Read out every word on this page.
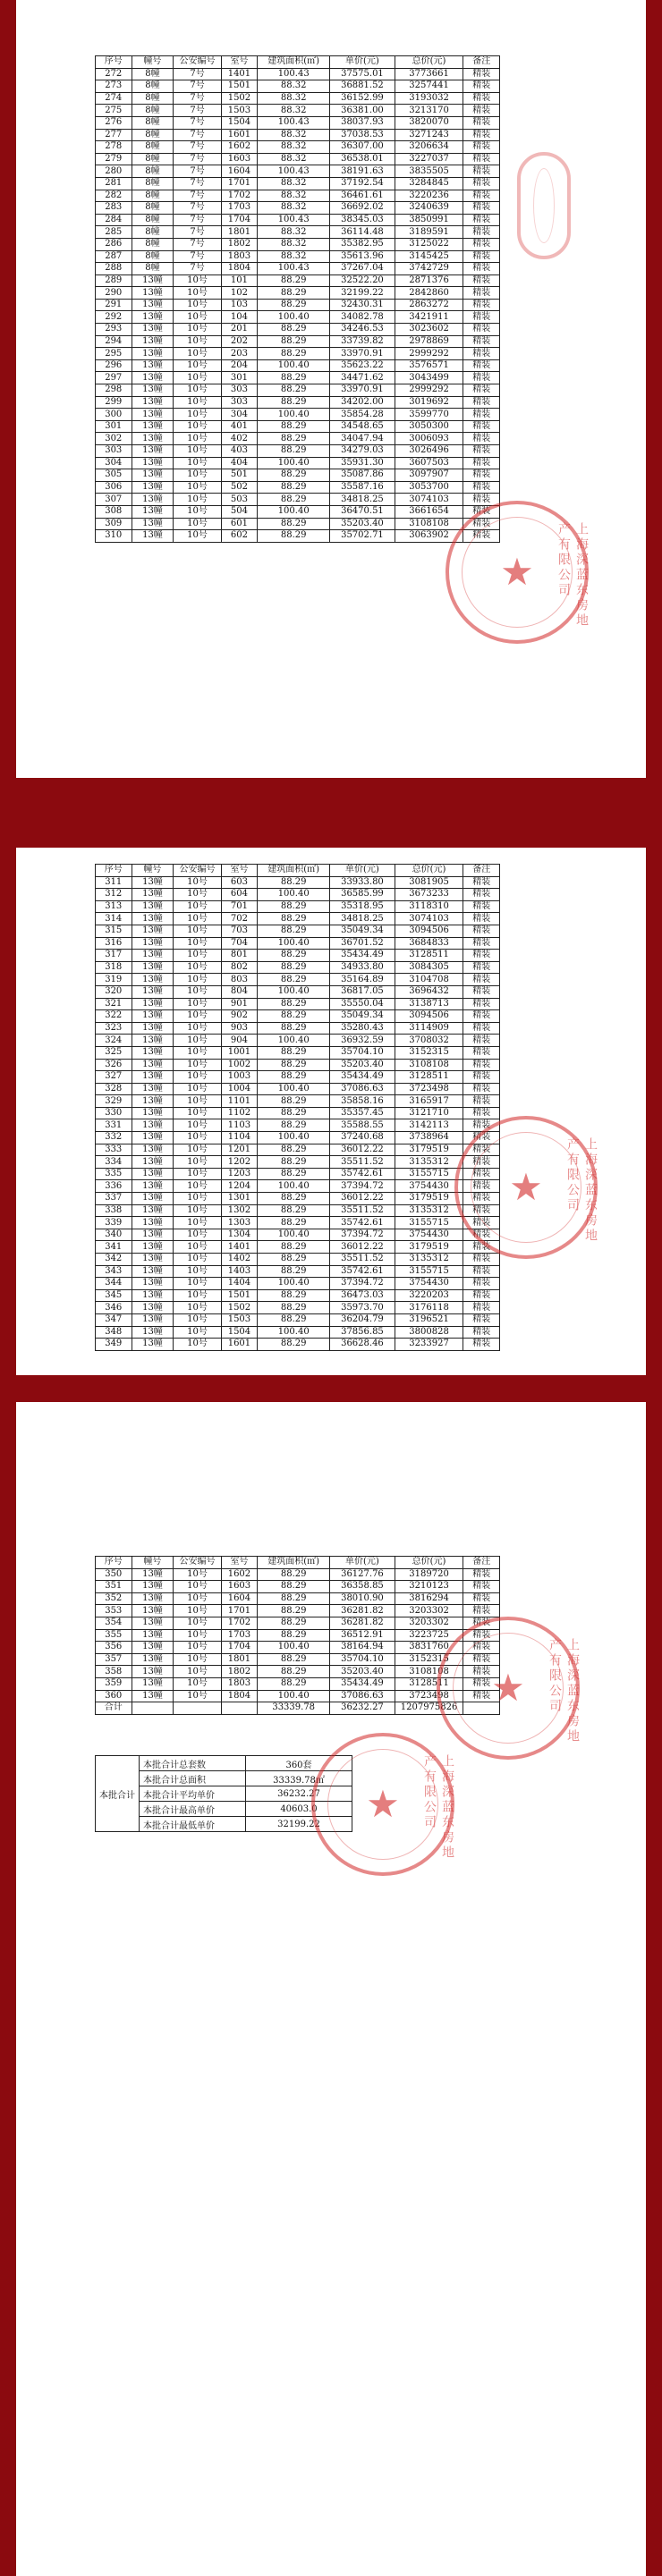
序号	幢号	公安编号	室号	建筑面积(㎡)	单价(元)	总价(元)	备注
272	8幢	7号	1401	100.43	37575.01	3773661	精装
273	8幢	7号	1501	88.32	36881.52	3257441	精装
274	8幢	7号	1502	88.32	36152.99	3193032	精装
275	8幢	7号	1503	88.32	36381.00	3213170	精装
276	8幢	7号	1504	100.43	38037.93	3820070	精装
277	8幢	7号	1601	88.32	37038.53	3271243	精装
278	8幢	7号	1602	88.32	36307.00	3206634	精装
279	8幢	7号	1603	88.32	36538.01	3227037	精装
280	8幢	7号	1604	100.43	38191.63	3835505	精装
281	8幢	7号	1701	88.32	37192.54	3284845	精装
282	8幢	7号	1702	88.32	36461.61	3220236	精装
283	8幢	7号	1703	88.32	36692.02	3240639	精装
284	8幢	7号	1704	100.43	38345.03	3850991	精装
285	8幢	7号	1801	88.32	36114.48	3189591	精装
286	8幢	7号	1802	88.32	35382.95	3125022	精装
287	8幢	7号	1803	88.32	35613.96	3145425	精装
288	8幢	7号	1804	100.43	37267.04	3742729	精装
289	13幢	10号	101	88.29	32522.20	2871376	精装
290	13幢	10号	102	88.29	32199.22	2842860	精装
291	13幢	10号	103	88.29	32430.31	2863272	精装
292	13幢	10号	104	100.40	34082.78	3421911	精装
293	13幢	10号	201	88.29	34246.53	3023602	精装
294	13幢	10号	202	88.29	33739.82	2978869	精装
295	13幢	10号	203	88.29	33970.91	2999292	精装
296	13幢	10号	204	100.40	35623.22	3576571	精装
297	13幢	10号	301	88.29	34471.62	3043499	精装
298	13幢	10号	303	88.29	33970.91	2999292	精装
299	13幢	10号	303	88.29	34202.00	3019692	精装
300	13幢	10号	304	100.40	35854.28	3599770	精装
301	13幢	10号	401	88.29	34548.65	3050300	精装
302	13幢	10号	402	88.29	34047.94	3006093	精装
303	13幢	10号	403	88.29	34279.03	3026496	精装
304	13幢	10号	404	100.40	35931.30	3607503	精装
305	13幢	10号	501	88.29	35087.86	3097907	精装
306	13幢	10号	502	88.29	35587.16	3053700	精装
307	13幢	10号	503	88.29	34818.25	3074103	精装
308	13幢	10号	504	100.40	36470.51	3661654	精装
309	13幢	10号	601	88.29	35203.40	3108108	精装
310	13幢	10号	602	88.29	35702.71	3063902	精装
★	上海深蓝东房地产有限公司
序号	幢号	公安编号	室号	建筑面积(㎡)	单价(元)	总价(元)	备注
311	13幢	10号	603	88.29	33933.80	3081905	精装
312	13幢	10号	604	100.40	36585.99	3673233	精装
313	13幢	10号	701	88.29	35318.95	3118310	精装
314	13幢	10号	702	88.29	34818.25	3074103	精装
315	13幢	10号	703	88.29	35049.34	3094506	精装
316	13幢	10号	704	100.40	36701.52	3684833	精装
317	13幢	10号	801	88.29	35434.49	3128511	精装
318	13幢	10号	802	88.29	34933.80	3084305	精装
319	13幢	10号	803	88.29	35164.89	3104708	精装
320	13幢	10号	804	100.40	36817.05	3696432	精装
321	13幢	10号	901	88.29	35550.04	3138713	精装
322	13幢	10号	902	88.29	35049.34	3094506	精装
323	13幢	10号	903	88.29	35280.43	3114909	精装
324	13幢	10号	904	100.40	36932.59	3708032	精装
325	13幢	10号	1001	88.29	35704.10	3152315	精装
326	13幢	10号	1002	88.29	35203.40	3108108	精装
327	13幢	10号	1003	88.29	35434.49	3128511	精装
328	13幢	10号	1004	100.40	37086.63	3723498	精装
329	13幢	10号	1101	88.29	35858.16	3165917	精装
330	13幢	10号	1102	88.29	35357.45	3121710	精装
331	13幢	10号	1103	88.29	35588.55	3142113	精装
332	13幢	10号	1104	100.40	37240.68	3738964	精装
333	13幢	10号	1201	88.29	36012.22	3179519	精装
334	13幢	10号	1202	88.29	35511.52	3135312	精装
335	13幢	10号	1203	88.29	35742.61	3155715	精装
336	13幢	10号	1204	100.40	37394.72	3754430	精装
337	13幢	10号	1301	88.29	36012.22	3179519	精装
338	13幢	10号	1302	88.29	35511.52	3135312	精装
339	13幢	10号	1303	88.29	35742.61	3155715	精装
340	13幢	10号	1304	100.40	37394.72	3754430	精装
341	13幢	10号	1401	88.29	36012.22	3179519	精装
342	13幢	10号	1402	88.29	35511.52	3135312	精装
343	13幢	10号	1403	88.29	35742.61	3155715	精装
344	13幢	10号	1404	100.40	37394.72	3754430	精装
345	13幢	10号	1501	88.29	36473.03	3220203	精装
346	13幢	10号	1502	88.29	35973.70	3176118	精装
347	13幢	10号	1503	88.29	36204.79	3196521	精装
348	13幢	10号	1504	100.40	37856.85	3800828	精装
349	13幢	10号	1601	88.29	36628.46	3233927	精装
★	上海深蓝东房地产有限公司
序号	幢号	公安编号	室号	建筑面积(㎡)	单价(元)	总价(元)	备注
350	13幢	10号	1602	88.29	36127.76	3189720	精装
351	13幢	10号	1603	88.29	36358.85	3210123	精装
352	13幢	10号	1604	88.29	38010.90	3816294	精装
353	13幢	10号	1701	88.29	36281.82	3203302	精装
354	13幢	10号	1702	88.29	36281.82	3203302	精装
355	13幢	10号	1703	88.29	36512.91	3223725	精装
356	13幢	10号	1704	100.40	38164.94	3831760	精装
357	13幢	10号	1801	88.29	35704.10	3152315	精装
358	13幢	10号	1802	88.29	35203.40	3108108	精装
359	13幢	10号	1803	88.29	35434.49	3128511	精装
360	13幢	10号	1804	100.40	37086.63	3723498	精装
合计				33339.78	36232.27	1207975826	
本批合计	本批合计总套数	360套
	本批合计总面积	33339.78㎡
	本批合计平均单价	36232.27
	本批合计最高单价	40603.0
	本批合计最低单价	32199.22	★	上海深蓝东房地产有限公司
★	上海深蓝东房地产有限公司
